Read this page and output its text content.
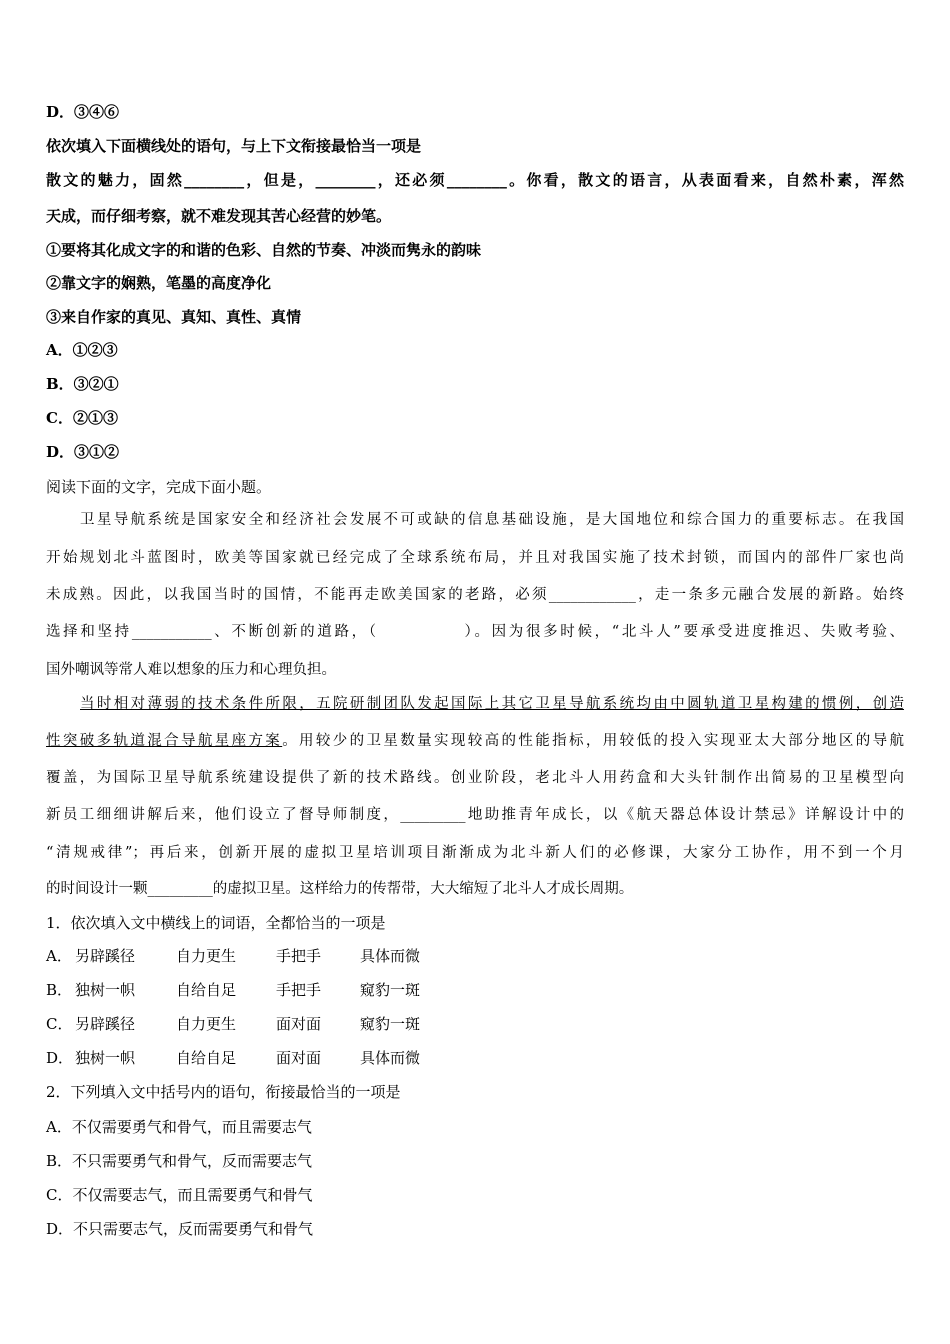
D．③④⑥
依次填入下面横线处的语句，与上下文衔接最恰当一项是
散文的魅力，固然________，但是，________，还必须________。你看，散文的语言，从表面看来，自然朴素，浑然
天成，而仔细考察，就不难发现其苦心经营的妙笔。
①要将其化成文字的和谐的色彩、自然的节奏、冲淡而隽永的韵味
②靠文字的娴熟，笔墨的高度净化
③来自作家的真见、真知、真性、真情
A．①②③
B．③②①
C．②①③
D．③①②
阅读下面的文字，完成下面小题。
卫星导航系统是国家安全和经济社会发展不可或缺的信息基础设施，是大国地位和综合国力的重要标志。在我国
开始规划北斗蓝图时，欧美等国家就已经完成了全球系统布局，并且对我国实施了技术封锁，而国内的部件厂家也尚
未成熟。因此，以我国当时的国情，不能再走欧美国家的老路，必须____________，走一条多元融合发展的新路。始终
选择和坚持___________、不断创新的道路，（　　　　　）。因为很多时候，“北斗人”要承受进度推迟、失败考验、
国外嘲讽等常人难以想象的压力和心理负担。
当时相对薄弱的技术条件所限，五院研制团队发起国际上其它卫星导航系统均由中圆轨道卫星构建的惯例，创造
性突破多轨道混合导航星座方案。用较少的卫星数量实现较高的性能指标，用较低的投入实现亚太大部分地区的导航
覆盖，为国际卫星导航系统建设提供了新的技术路线。创业阶段，老北斗人用药盒和大头针制作出简易的卫星模型向
新员工细细讲解后来，他们设立了督导师制度，_________地助推青年成长，以《航天器总体设计禁忌》详解设计中的
“清规戒律”；再后来，创新开展的虚拟卫星培训项目渐渐成为北斗新人们的必修课，大家分工协作，用不到一个月
的时间设计一颗_________的虚拟卫星。这样给力的传帮带，大大缩短了北斗人才成长周期。
1．依次填入文中横线上的词语，全都恰当的一项是
A． 另辟蹊径	自力更生	手把手	具体而微
B． 独树一帜	自给自足	手把手	窥豹一斑
C． 另辟蹊径	自力更生	面对面	窥豹一斑
D． 独树一帜	自给自足	面对面	具体而微
2．下列填入文中括号内的语句，衔接最恰当的一项是
A．不仅需要勇气和骨气，而且需要志气
B．不只需要勇气和骨气，反而需要志气
C．不仅需要志气，而且需要勇气和骨气
D．不只需要志气，反而需要勇气和骨气
